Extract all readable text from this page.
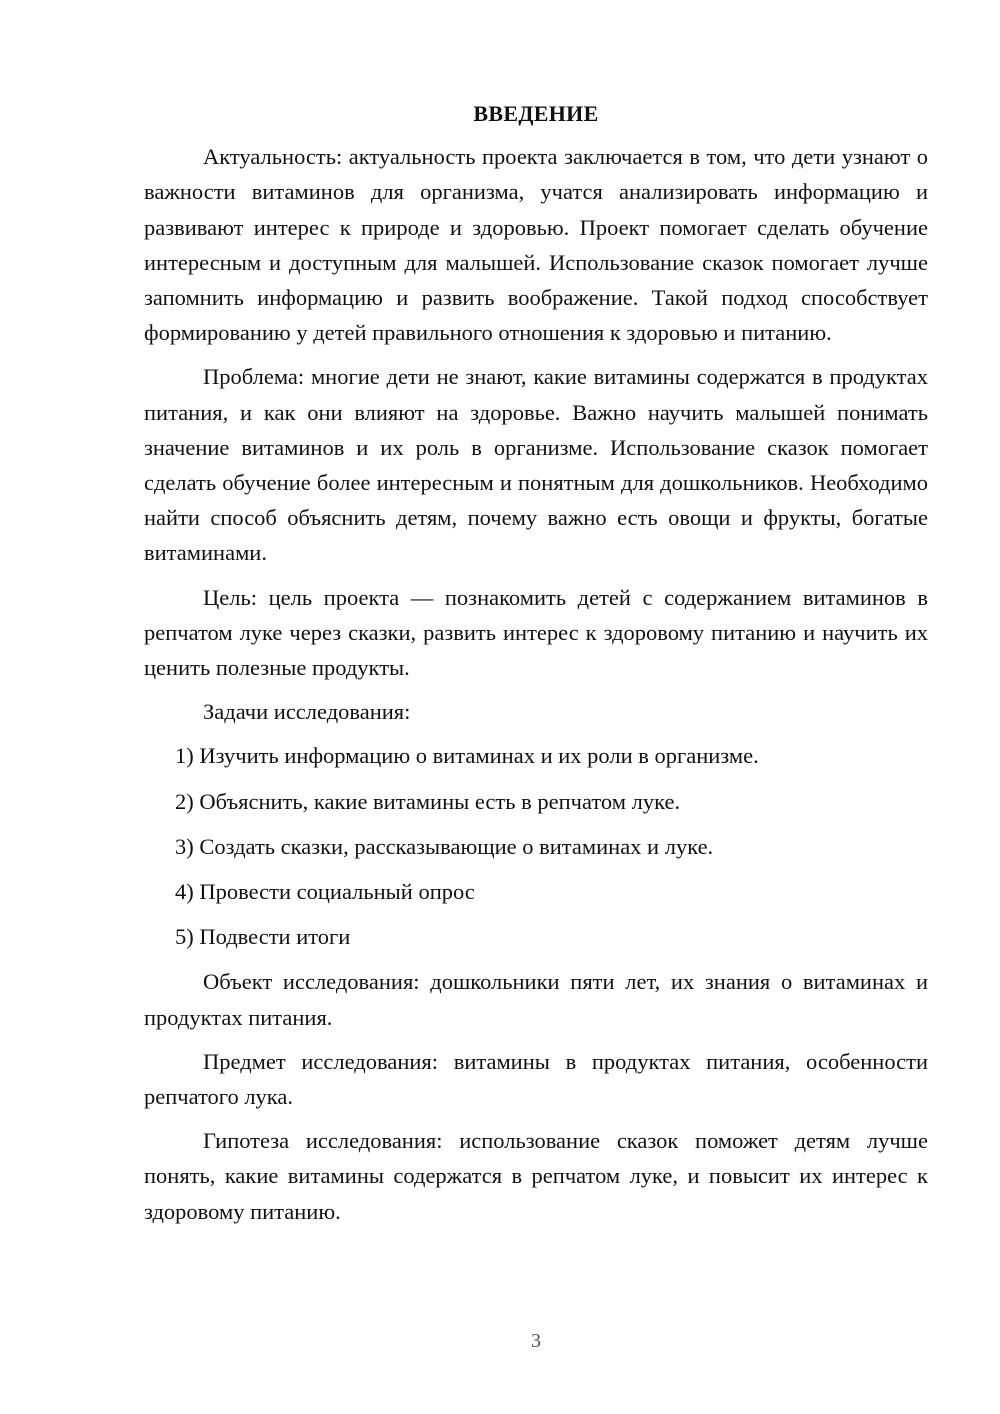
ВВЕДЕНИЕ

Актуальность: актуальность проекта заключается в том, что дети узнают о важности витаминов для организма, учатся анализировать информацию и развивают интерес к природе и здоровью. Проект помогает сделать обучение интересным и доступным для малышей. Использование сказок помогает лучше запомнить информацию и развить воображение. Такой подход способствует формированию у детей правильного отношения к здоровью и питанию.

Проблема: многие дети не знают, какие витамины содержатся в продуктах питания, и как они влияют на здоровье. Важно научить малышей понимать значение витаминов и их роль в организме. Использование сказок помогает сделать обучение более интересным и понятным для дошкольников. Необходимо найти способ объяснить детям, почему важно есть овощи и фрукты, богатые витаминами.

Цель: цель проекта — познакомить детей с содержанием витаминов в репчатом луке через сказки, развить интерес к здоровому питанию и научить их ценить полезные продукты.

Задачи исследования:

1) Изучить информацию о витаминах и их роли в организме.
2) Объяснить, какие витамины есть в репчатом луке.
3) Создать сказки, рассказывающие о витаминах и луке.
4) Провести социальный опрос
5) Подвести итоги

Объект исследования: дошкольники пяти лет, их знания о витаминах и продуктах питания.

Предмет исследования: витамины в продуктах питания, особенности репчатого лука.

Гипотеза исследования: использование сказок поможет детям лучше понять, какие витамины содержатся в репчатом луке, и повысит их интерес к здоровому питанию.

3
